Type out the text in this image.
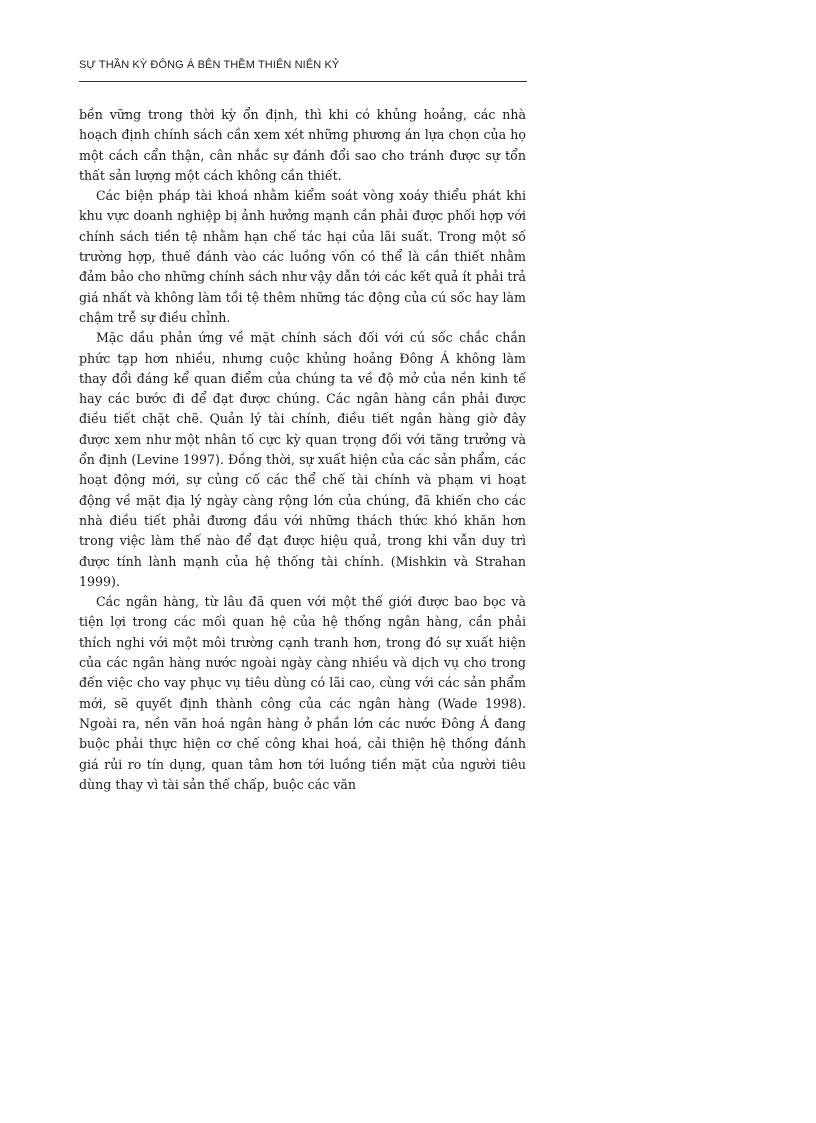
SỰ THẦN KỲ ĐÔNG Á BÊN THỀM THIÊN NIÊN KỶ

bền vững trong thời kỳ ổn định, thì khi có khủng hoảng, các nhà hoạch định chính sách cần xem xét những phương án lựa chọn của họ một cách cẩn thận, cân nhắc sự đánh đổi sao cho tránh được sự tổn thất sản lượng một cách không cần thiết.

Các biện pháp tài khoá nhằm kiểm soát vòng xoáy thiểu phát khi khu vực doanh nghiệp bị ảnh hưởng mạnh cần phải được phối hợp với chính sách tiền tệ nhằm hạn chế tác hại của lãi suất. Trong một số trường hợp, thuế đánh vào các luồng vốn có thể là cần thiết nhằm đảm bảo cho những chính sách như vậy dẫn tới các kết quả ít phải trả giá nhất và không làm tồi tệ thêm những tác động của cú sốc hay làm chậm trễ sự điều chỉnh.

Mặc dầu phản ứng về mặt chính sách đối với cú sốc chắc chắn phức tạp hơn nhiều, nhưng cuộc khủng hoảng Đông Á không làm thay đổi đáng kể quan điểm của chúng ta về độ mở của nền kinh tế hay các bước đi để đạt được chúng. Các ngân hàng cần phải được điều tiết chặt chẽ. Quản lý tài chính, điều tiết ngân hàng giờ đây được xem như một nhân tố cực kỳ quan trọng đối với tăng trưởng và ổn định (Levine 1997). Đồng thời, sự xuất hiện của các sản phẩm, các hoạt động mới, sự củng cố các thể chế tài chính và phạm vi hoạt động về mặt địa lý ngày càng rộng lớn của chúng, đã khiến cho các nhà điều tiết phải đương đầu với những thách thức khó khăn hơn trong việc làm thế nào để đạt được hiệu quả, trong khi vẫn duy trì được tính lành mạnh của hệ thống tài chính. (Mishkin và Strahan 1999).

Các ngân hàng, từ lâu đã quen với một thế giới được bao bọc và tiện lợi trong các mối quan hệ của hệ thống ngân hàng, cần phải thích nghi với một môi trường cạnh tranh hơn, trong đó sự xuất hiện của các ngân hàng nước ngoài ngày càng nhiều và dịch vụ cho trong đến việc cho vay phục vụ tiêu dùng có lãi cao, cùng với các sản phẩm mới, sẽ quyết định thành công của các ngân hàng (Wade 1998). Ngoài ra, nền văn hoá ngân hàng ở phần lớn các nước Đông Á đang buộc phải thực hiện cơ chế công khai hoá, cải thiện hệ thống đánh giá rủi ro tín dụng, quan tâm hơn tới luồng tiền mặt của người tiêu dùng thay vì tài sản thế chấp, buộc các văn
